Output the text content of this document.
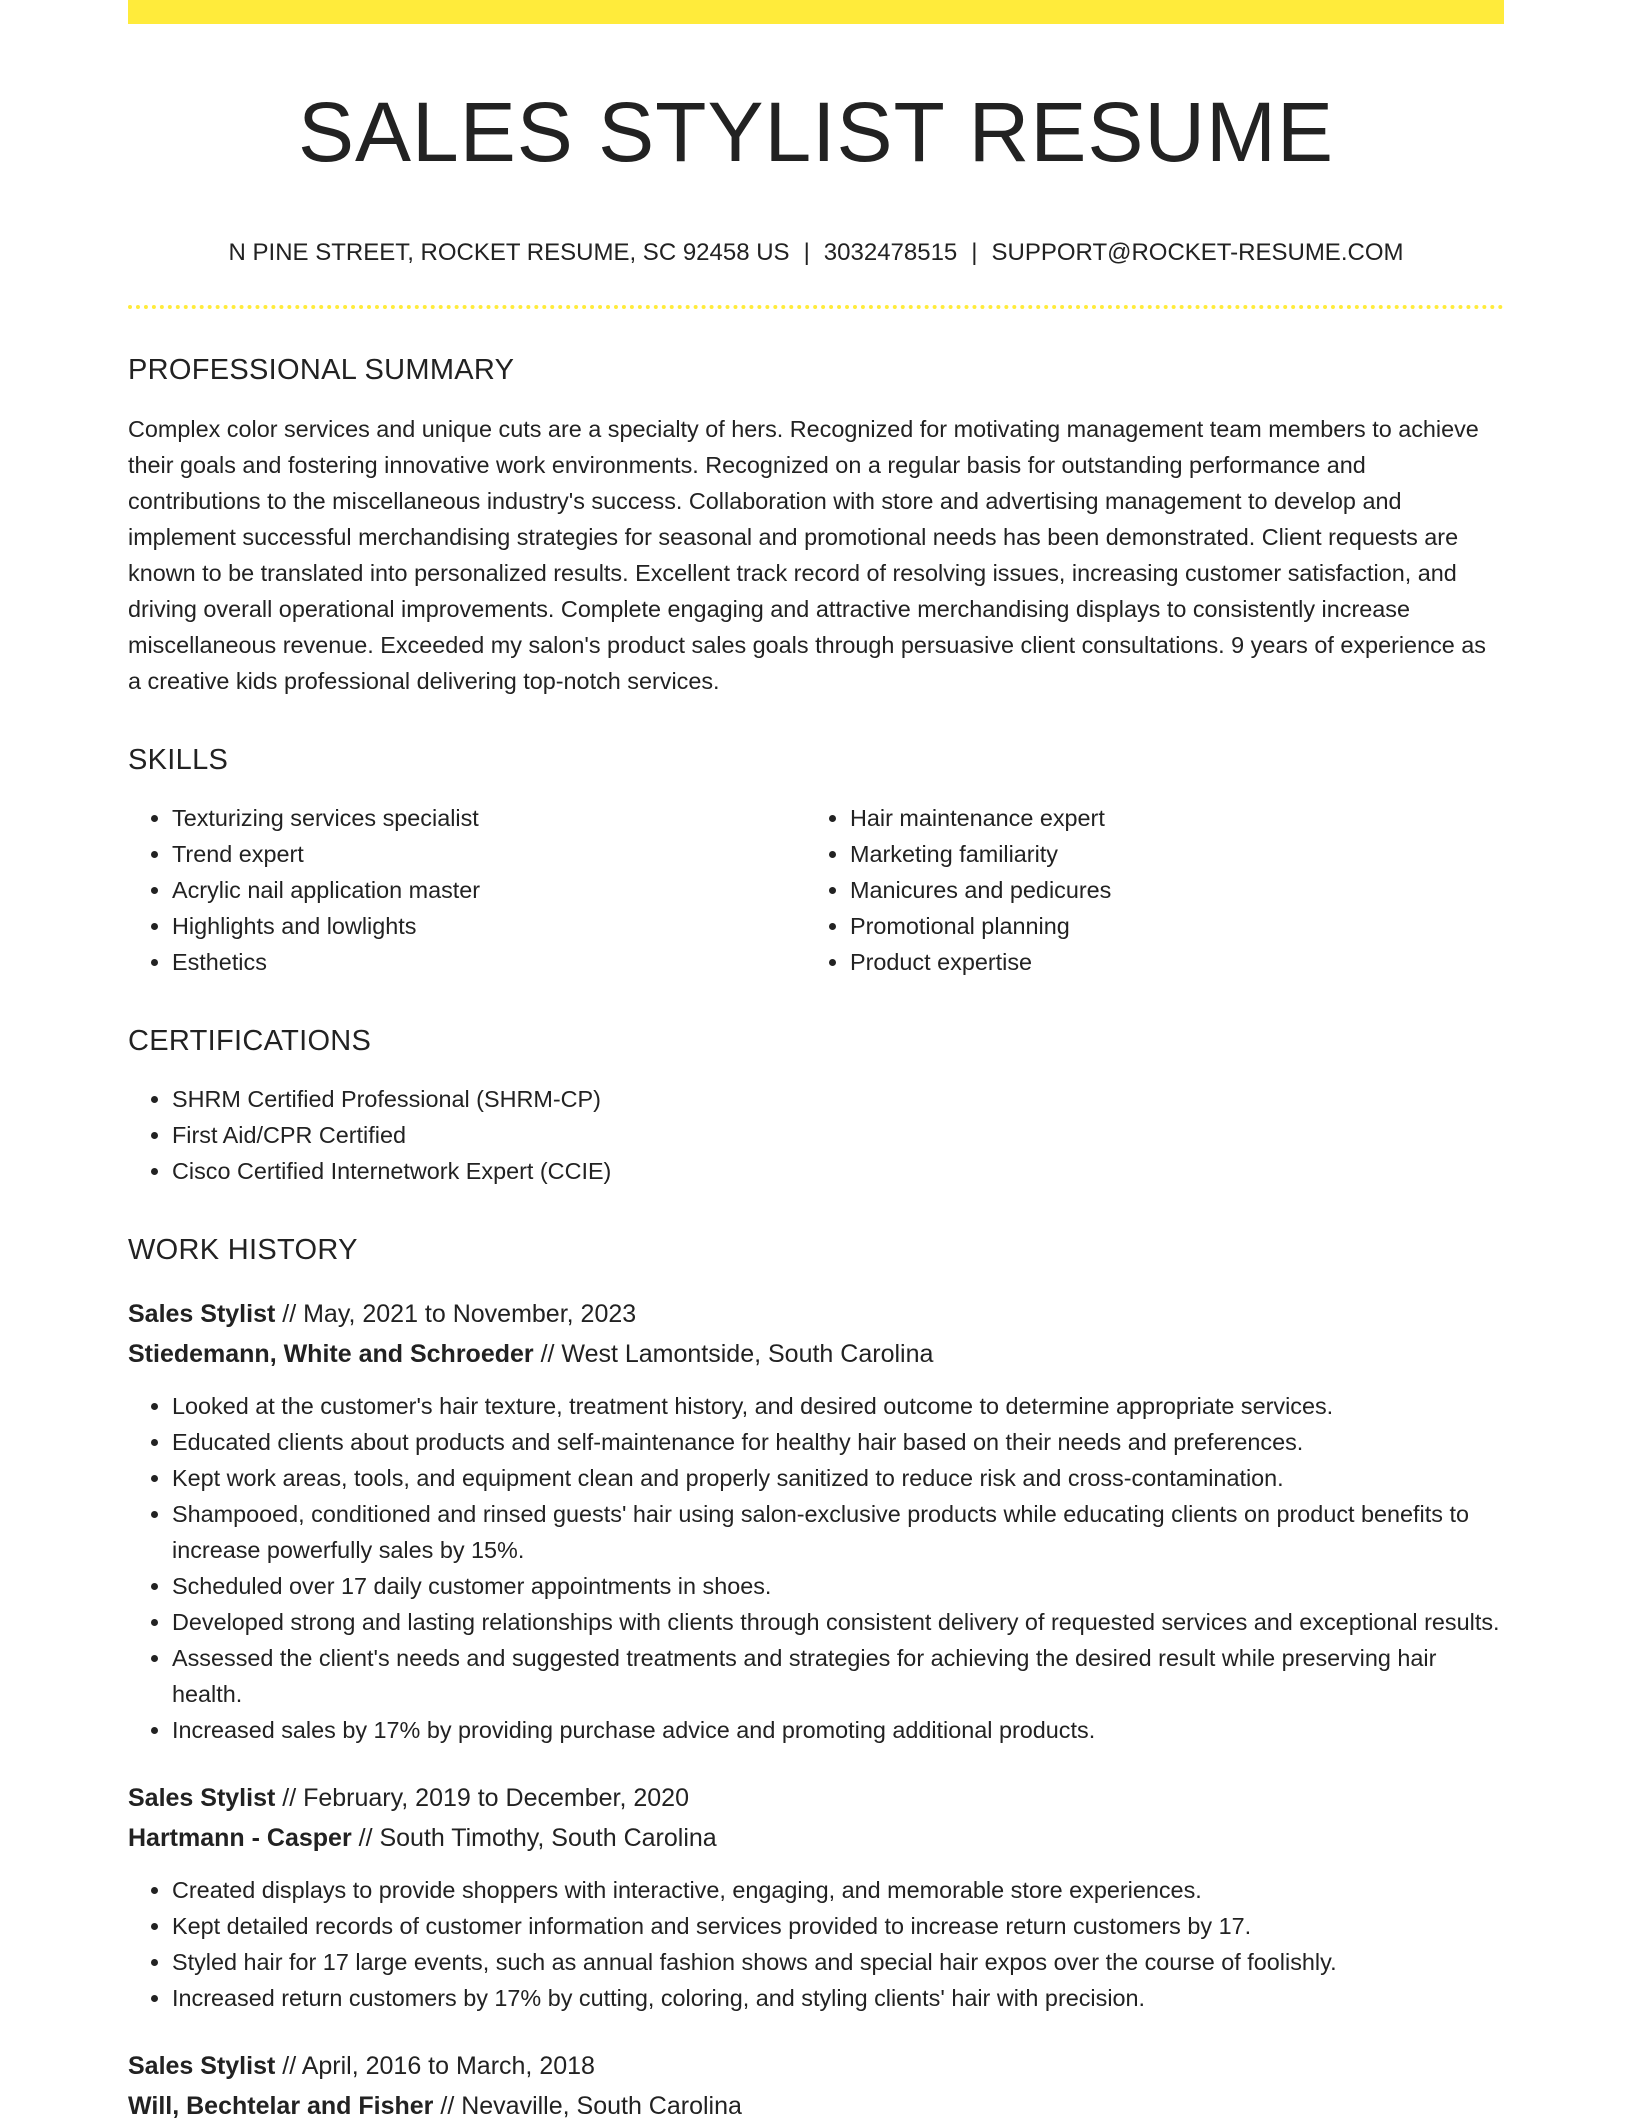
SALES STYLIST RESUME
N PINE STREET, ROCKET RESUME, SC 92458 US | 3032478515 | SUPPORT@ROCKET-RESUME.COM
PROFESSIONAL SUMMARY

Complex color services and unique cuts are a specialty of hers. Recognized for motivating management team members to achieve their goals and fostering innovative work environments. Recognized on a regular basis for outstanding performance and contributions to the miscellaneous industry's success. Collaboration with store and advertising management to develop and implement successful merchandising strategies for seasonal and promotional needs has been demonstrated. Client requests are known to be translated into personalized results. Excellent track record of resolving issues, increasing customer satisfaction, and driving overall operational improvements. Complete engaging and attractive merchandising displays to consistently increase miscellaneous revenue. Exceeded my salon's product sales goals through persuasive client consultations. 9 years of experience as a creative kids professional delivering top-notch services.

SKILLS
• Texturizing services specialist
• Trend expert
• Acrylic nail application master
• Highlights and lowlights
• Esthetics
• Hair maintenance expert
• Marketing familiarity
• Manicures and pedicures
• Promotional planning
• Product expertise
CERTIFICATIONS
• SHRM Certified Professional (SHRM-CP)
• First Aid/CPR Certified
• Cisco Certified Internetwork Expert (CCIE)
WORK HISTORY
Sales Stylist // May, 2021 to November, 2023
Stiedemann, White and Schroeder // West Lamontside, South Carolina
• Looked at the customer's hair texture, treatment history, and desired outcome to determine appropriate services.
• Educated clients about products and self-maintenance for healthy hair based on their needs and preferences.
• Kept work areas, tools, and equipment clean and properly sanitized to reduce risk and cross-contamination.
• Shampooed, conditioned and rinsed guests' hair using salon-exclusive products while educating clients on product benefits to increase powerfully sales by 15%.
• Scheduled over 17 daily customer appointments in shoes.
• Developed strong and lasting relationships with clients through consistent delivery of requested services and exceptional results.
• Assessed the client's needs and suggested treatments and strategies for achieving the desired result while preserving hair health.
• Increased sales by 17% by providing purchase advice and promoting additional products.
Sales Stylist // February, 2019 to December, 2020
Hartmann - Casper // South Timothy, South Carolina
• Created displays to provide shoppers with interactive, engaging, and memorable store experiences.
• Kept detailed records of customer information and services provided to increase return customers by 17.
• Styled hair for 17 large events, such as annual fashion shows and special hair expos over the course of foolishly.
• Increased return customers by 17% by cutting, coloring, and styling clients' hair with precision.
Sales Stylist // April, 2016 to March, 2018
Will, Bechtelar and Fisher // Nevaville, South Carolina
